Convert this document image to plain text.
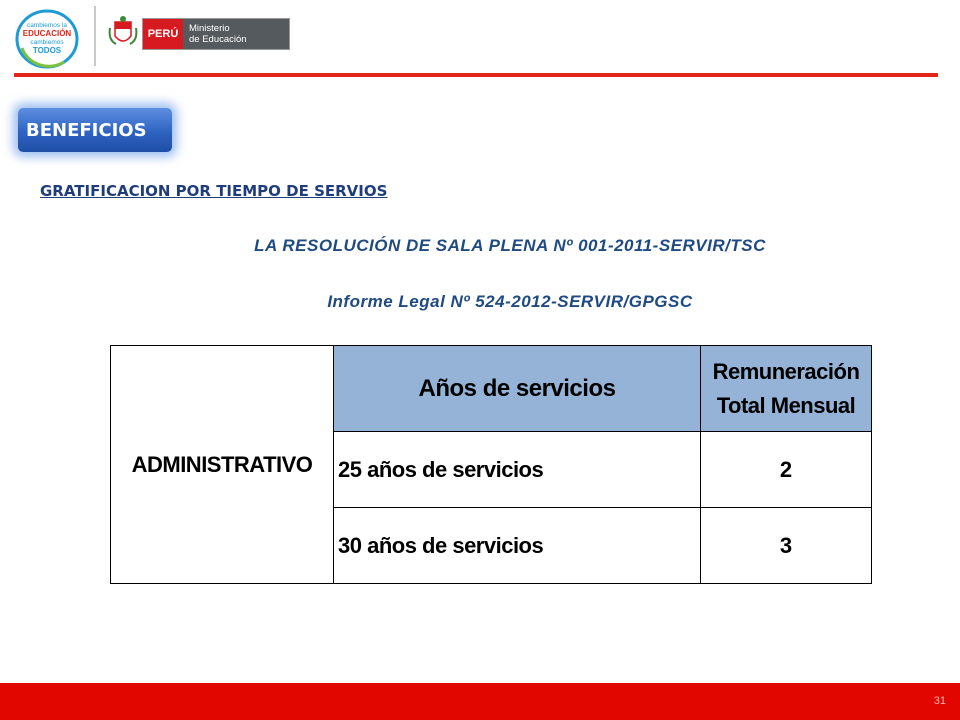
cambiemos la
EDUCACIÓN
cambiemos
TODOS
PERÚ	Ministerio
de Educación
BENEFICIOS
GRATIFICACION POR TIEMPO DE SERVIOS
LA RESOLUCIÓN DE SALA PLENA Nº 001-2011-SERVIR/TSC
Informe Legal Nº 524-2012-SERVIR/GPGSC
ADMINISTRATIVO	Años de servicios	Remuneración
Total Mensual
	25 años de servicios	2
	30 años de servicios	3
31
